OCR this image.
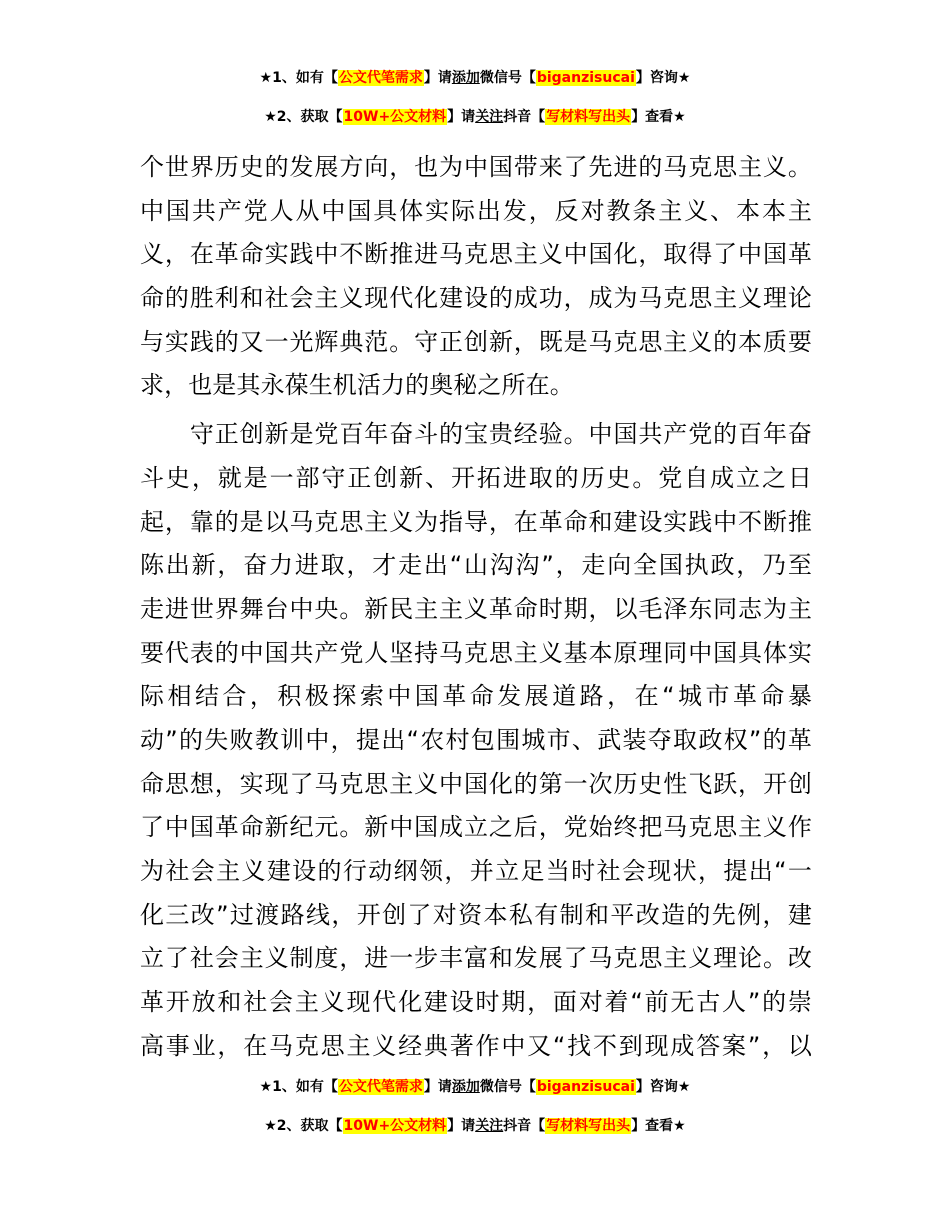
★1、如有【公文代笔需求】请添加微信号【biganzisucai】咨询★
★2、获取【10W+公文材料】请关注抖音【写材料写出头】查看★
个世界历史的发展方向，也为中国带来了先进的马克思主义。
中国共产党人从中国具体实际出发，反对教条主义、本本主
义，在革命实践中不断推进马克思主义中国化，取得了中国革
命的胜利和社会主义现代化建设的成功，成为马克思主义理论
与实践的又一光辉典范。守正创新，既是马克思主义的本质要
求，也是其永葆生机活力的奥秘之所在。
　　守正创新是党百年奋斗的宝贵经验。中国共产党的百年奋
斗史，就是一部守正创新、开拓进取的历史。党自成立之日
起，靠的是以马克思主义为指导，在革命和建设实践中不断推
陈出新，奋力进取，才走出“山沟沟”，走向全国执政，乃至
走进世界舞台中央。新民主主义革命时期，以毛泽东同志为主
要代表的中国共产党人坚持马克思主义基本原理同中国具体实
际相结合，积极探索中国革命发展道路，在“城市革命暴
动”的失败教训中，提出“农村包围城市、武装夺取政权”的革
命思想，实现了马克思主义中国化的第一次历史性飞跃，开创
了中国革命新纪元。新中国成立之后，党始终把马克思主义作
为社会主义建设的行动纲领，并立足当时社会现状，提出“一
化三改”过渡路线，开创了对资本私有制和平改造的先例，建
立了社会主义制度，进一步丰富和发展了马克思主义理论。改
革开放和社会主义现代化建设时期，面对着“前无古人”的崇
高事业，在马克思主义经典著作中又“找不到现成答案”，以
★1、如有【公文代笔需求】请添加微信号【biganzisucai】咨询★
★2、获取【10W+公文材料】请关注抖音【写材料写出头】查看★
